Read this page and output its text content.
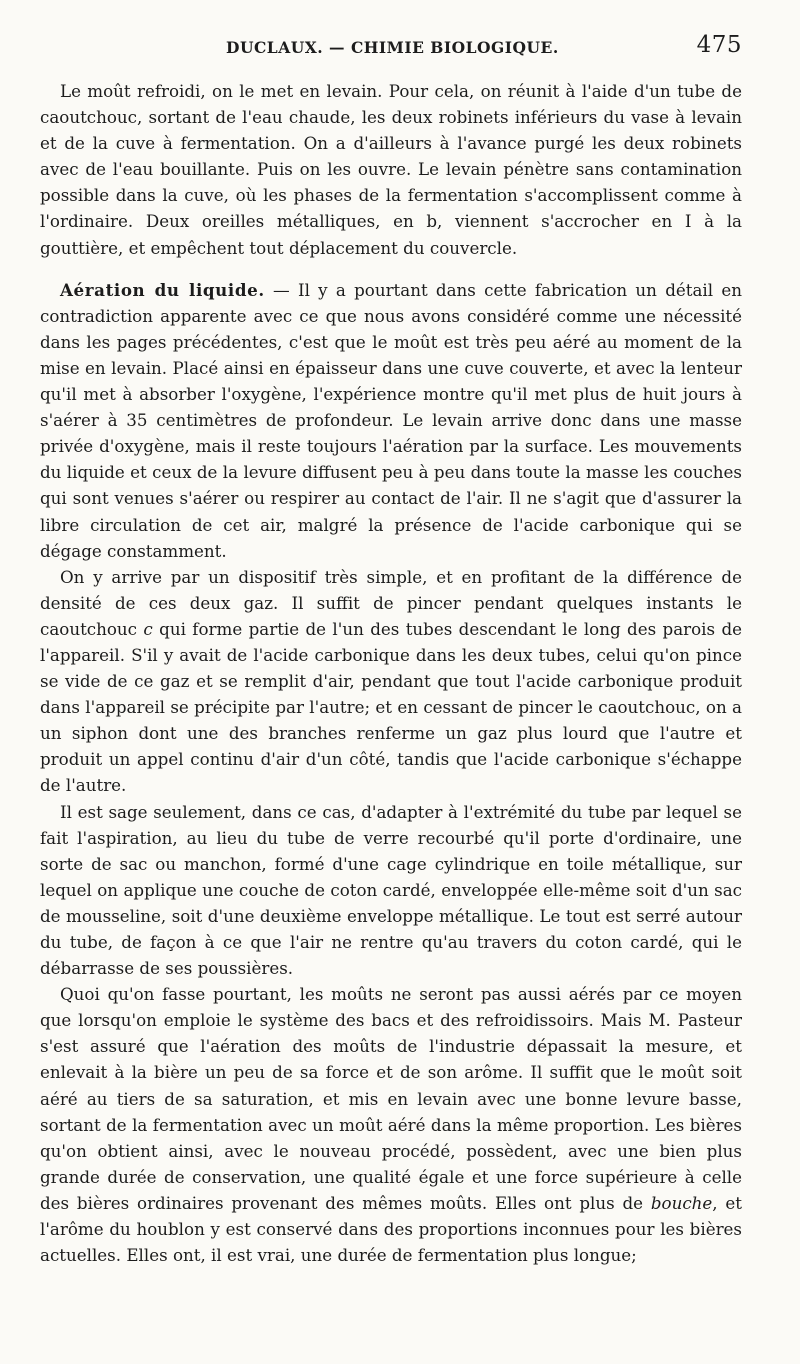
DUCLAUX. — CHIMIE BIOLOGIQUE.	475

Le moût refroidi, on le met en levain. Pour cela, on réunit à l'aide d'un tube de caoutchouc, sortant de l'eau chaude, les deux robinets inférieurs du vase à levain et de la cuve à fermentation. On a d'ailleurs à l'avance purgé les deux robinets avec de l'eau bouillante. Puis on les ouvre. Le levain pénètre sans contamination possible dans la cuve, où les phases de la fermentation s'accomplissent comme à l'ordinaire. Deux oreilles métalliques, en b, viennent s'accrocher en I à la gouttière, et empêchent tout déplacement du couvercle.

Aération du liquide. — Il y a pourtant dans cette fabrication un détail en contradiction apparente avec ce que nous avons considéré comme une nécessité dans les pages précédentes, c'est que le moût est très peu aéré au moment de la mise en levain. Placé ainsi en épaisseur dans une cuve couverte, et avec la lenteur qu'il met à absorber l'oxygène, l'expérience montre qu'il met plus de huit jours à s'aérer à 35 centimètres de profondeur. Le levain arrive donc dans une masse privée d'oxygène, mais il reste toujours l'aération par la surface. Les mouvements du liquide et ceux de la levure diffusent peu à peu dans toute la masse les couches qui sont venues s'aérer ou respirer au contact de l'air. Il ne s'agit que d'assurer la libre circulation de cet air, malgré la présence de l'acide carbonique qui se dégage constamment.

On y arrive par un dispositif très simple, et en profitant de la différence de densité de ces deux gaz. Il suffit de pincer pendant quelques instants le caoutchouc c qui forme partie de l'un des tubes descendant le long des parois de l'appareil. S'il y avait de l'acide carbonique dans les deux tubes, celui qu'on pince se vide de ce gaz et se remplit d'air, pendant que tout l'acide carbonique produit dans l'appareil se précipite par l'autre; et en cessant de pincer le caoutchouc, on a un siphon dont une des branches renferme un gaz plus lourd que l'autre et produit un appel continu d'air d'un côté, tandis que l'acide carbonique s'échappe de l'autre.

Il est sage seulement, dans ce cas, d'adapter à l'extrémité du tube par lequel se fait l'aspiration, au lieu du tube de verre recourbé qu'il porte d'ordinaire, une sorte de sac ou manchon, formé d'une cage cylindrique en toile métallique, sur lequel on applique une couche de coton cardé, enveloppée elle-même soit d'un sac de mousseline, soit d'une deuxième enveloppe métallique. Le tout est serré autour du tube, de façon à ce que l'air ne rentre qu'au travers du coton cardé, qui le débarrasse de ses poussières.

Quoi qu'on fasse pourtant, les moûts ne seront pas aussi aérés par ce moyen que lorsqu'on emploie le système des bacs et des refroidissoirs. Mais M. Pasteur s'est assuré que l'aération des moûts de l'industrie dépassait la mesure, et enlevait à la bière un peu de sa force et de son arôme. Il suffit que le moût soit aéré au tiers de sa saturation, et mis en levain avec une bonne levure basse, sortant de la fermentation avec un moût aéré dans la même proportion. Les bières qu'on obtient ainsi, avec le nouveau procédé, possèdent, avec une bien plus grande durée de conservation, une qualité égale et une force supérieure à celle des bières ordinaires provenant des mêmes moûts. Elles ont plus de bouche, et l'arôme du houblon y est conservé dans des proportions inconnues pour les bières actuelles. Elles ont, il est vrai, une durée de fermentation plus longue;
